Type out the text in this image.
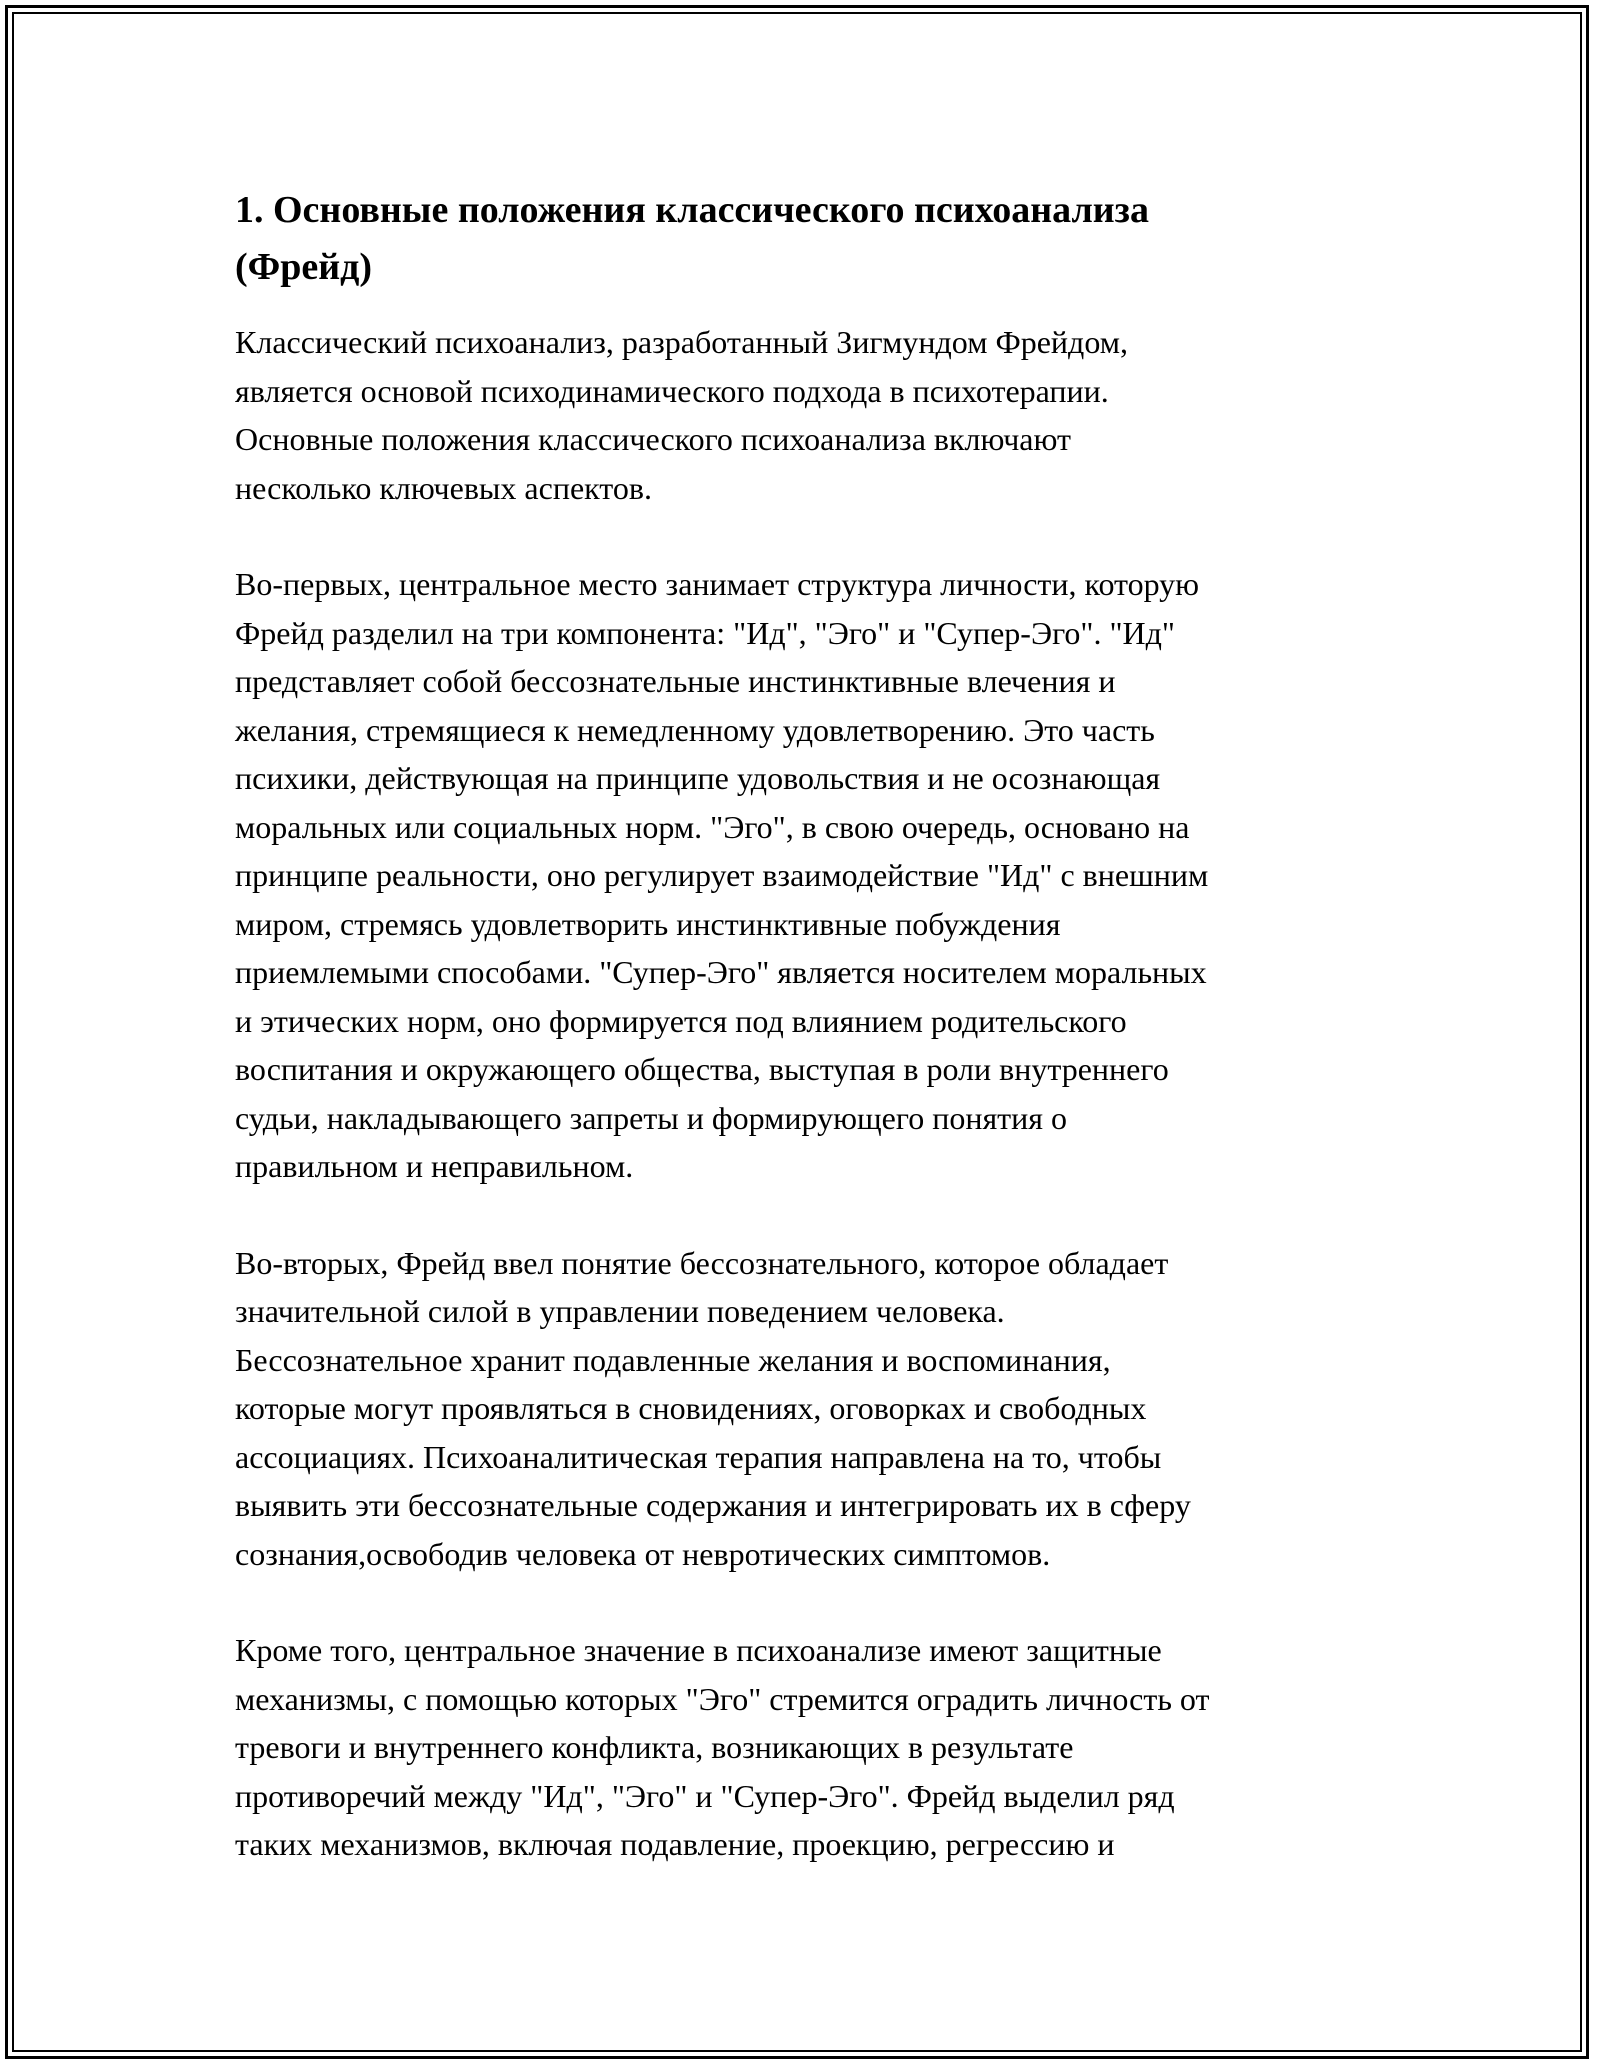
1. Основные положения классического психоанализа
(Фрейд)

Классический психоанализ, разработанный Зигмундом Фрейдом,
является основой психодинамического подхода в психотерапии.
Основные положения классического психоанализа включают
несколько ключевых аспектов.

Во-первых, центральное место занимает структура личности, которую
Фрейд разделил на три компонента: "Ид", "Эго" и "Супер-Эго". "Ид"
представляет собой бессознательные инстинктивные влечения и
желания, стремящиеся к немедленному удовлетворению. Это часть
психики, действующая на принципе удовольствия и не осознающая
моральных или социальных норм. "Эго", в свою очередь, основано на
принципе реальности, оно регулирует взаимодействие "Ид" с внешним
миром, стремясь удовлетворить инстинктивные побуждения
приемлемыми способами. "Супер-Эго" является носителем моральных
и этических норм, оно формируется под влиянием родительского
воспитания и окружающего общества, выступая в роли внутреннего
судьи, накладывающего запреты и формирующего понятия о
правильном и неправильном.

Во-вторых, Фрейд ввел понятие бессознательного, которое обладает
значительной силой в управлении поведением человека.
Бессознательное хранит подавленные желания и воспоминания,
которые могут проявляться в сновидениях, оговорках и свободных
ассоциациях. Психоаналитическая терапия направлена на то, чтобы
выявить эти бессознательные содержания и интегрировать их в сферу
сознания,освободив человека от невротических симптомов.

Кроме того, центральное значение в психоанализе имеют защитные
механизмы, с помощью которых "Эго" стремится оградить личность от
тревоги и внутреннего конфликта, возникающих в результате
противоречий между "Ид", "Эго" и "Супер-Эго". Фрейд выделил ряд
таких механизмов, включая подавление, проекцию, регрессию и
